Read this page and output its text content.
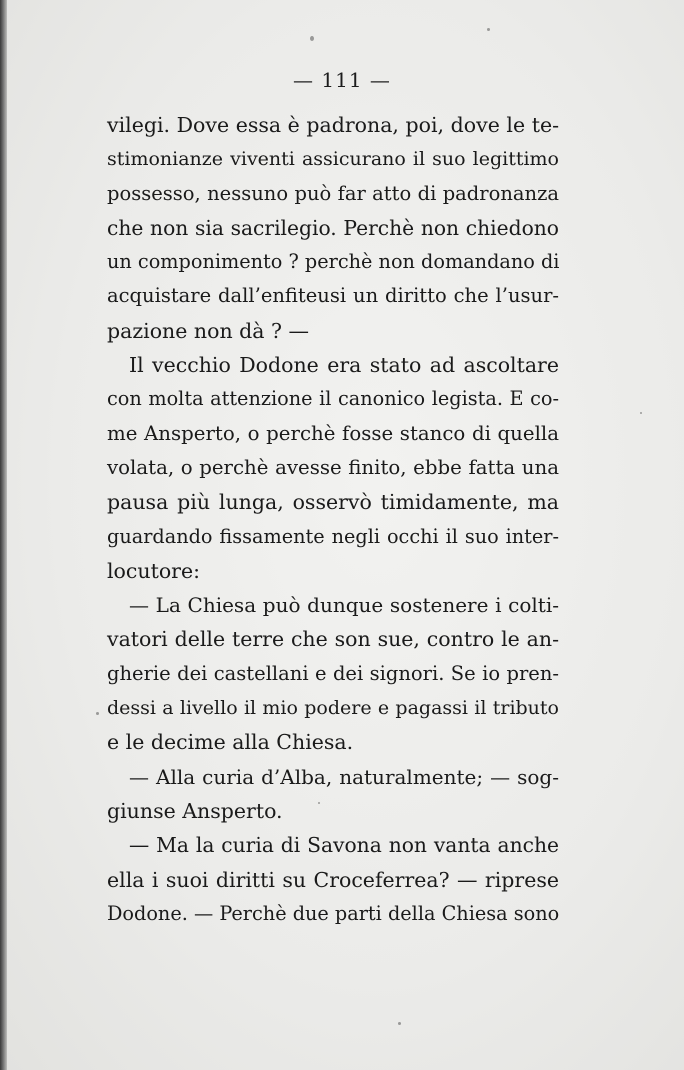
— 111 —
vilegi. Dove essa è padrona, poi, dove le te-
stimonianze viventi assicurano il suo legittimo
possesso, nessuno può far atto di padronanza
che non sia sacrilegio. Perchè non chiedono
un componimento ? perchè non domandano di
acquistare dall’enfiteusi un diritto che l’usur-
pazione non dà ? —
Il vecchio Dodone era stato ad ascoltare
con molta attenzione il canonico legista. E co-
me Ansperto, o perchè fosse stanco di quella
volata, o perchè avesse finito, ebbe fatta una
pausa più lunga, osservò timidamente, ma
guardando fissamente negli occhi il suo inter-
locutore:
— La Chiesa può dunque sostenere i colti-
vatori delle terre che son sue, contro le an-
gherie dei castellani e dei signori. Se io pren-
dessi a livello il mio podere e pagassi il tributo
e le decime alla Chiesa.
— Alla curia d’Alba, naturalmente; — sog-
giunse Ansperto.
— Ma la curia di Savona non vanta anche
ella i suoi diritti su Croceferrea? — riprese
Dodone. — Perchè due parti della Chiesa sono
